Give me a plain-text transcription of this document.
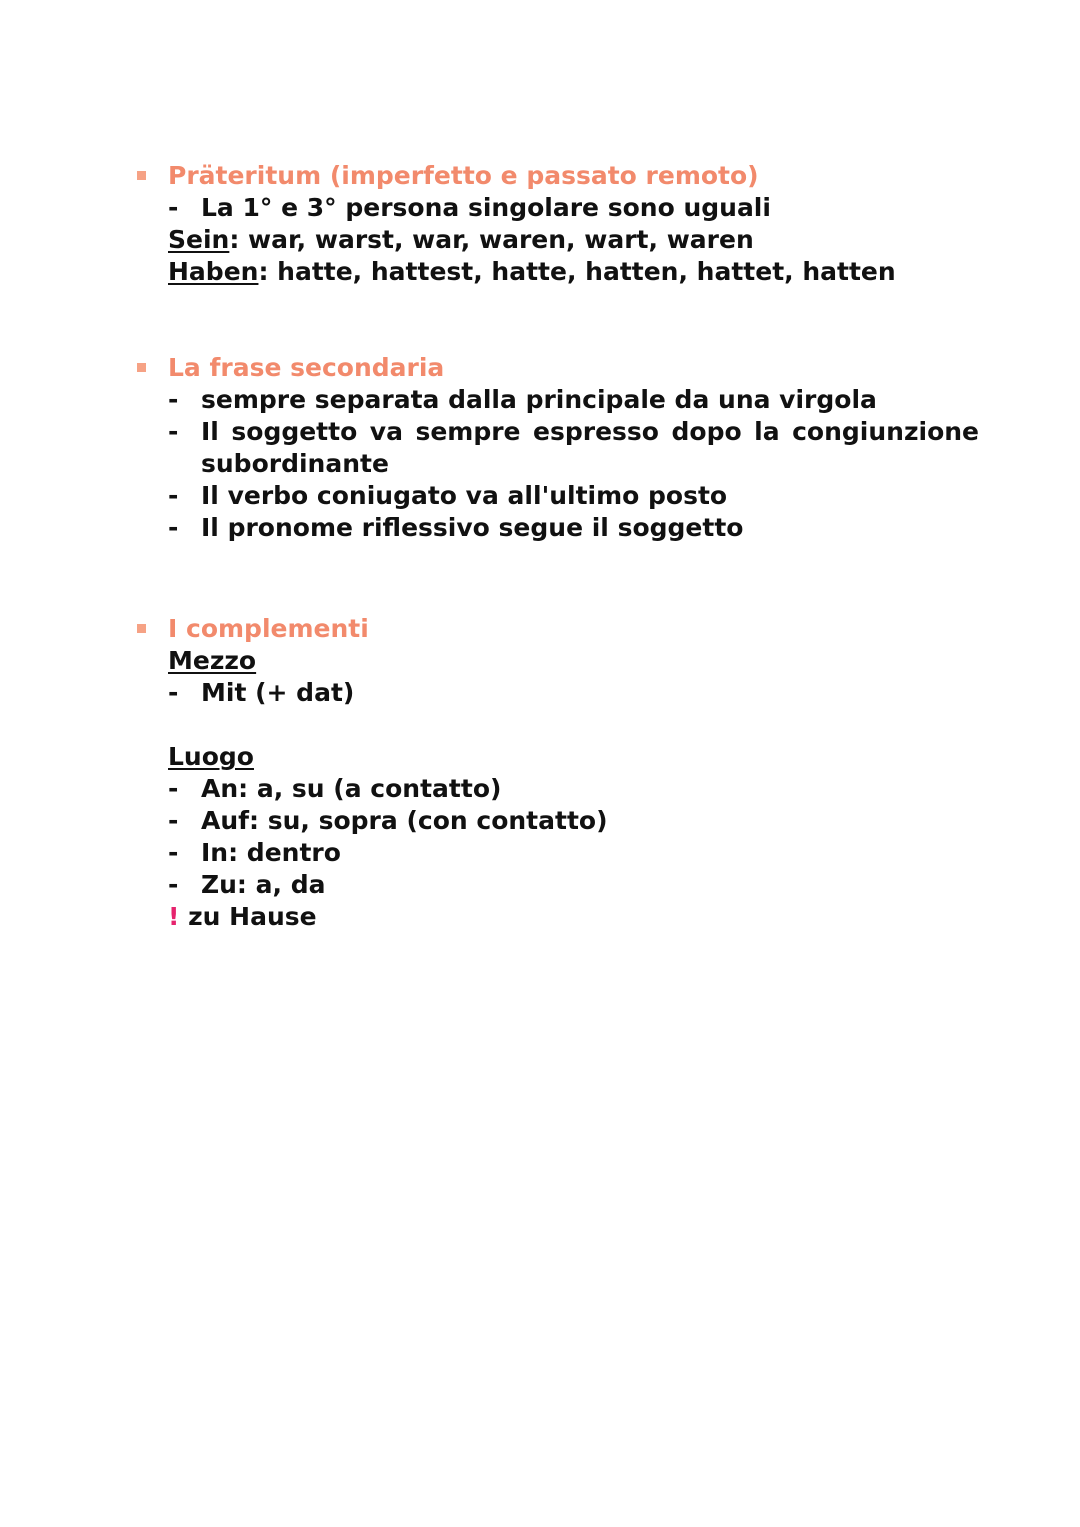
Präteritum (imperfetto e passato remoto)
- La 1° e 3° persona singolare sono uguali
Sein: war, warst, war, waren, wart, waren
Haben: hatte, hattest, hatte, hatten, hattet, hatten
La frase secondaria
- sempre separata dalla principale da una virgola
- Il soggetto va sempre espresso dopo la congiunzione
subordinante
- Il verbo coniugato va all'ultimo posto
- Il pronome riflessivo segue il soggetto
I complementi
Mezzo
- Mit (+ dat)
Luogo
- An: a, su (a contatto)
- Auf: su, sopra (con contatto)
- In: dentro
- Zu: a, da
! zu Hause
